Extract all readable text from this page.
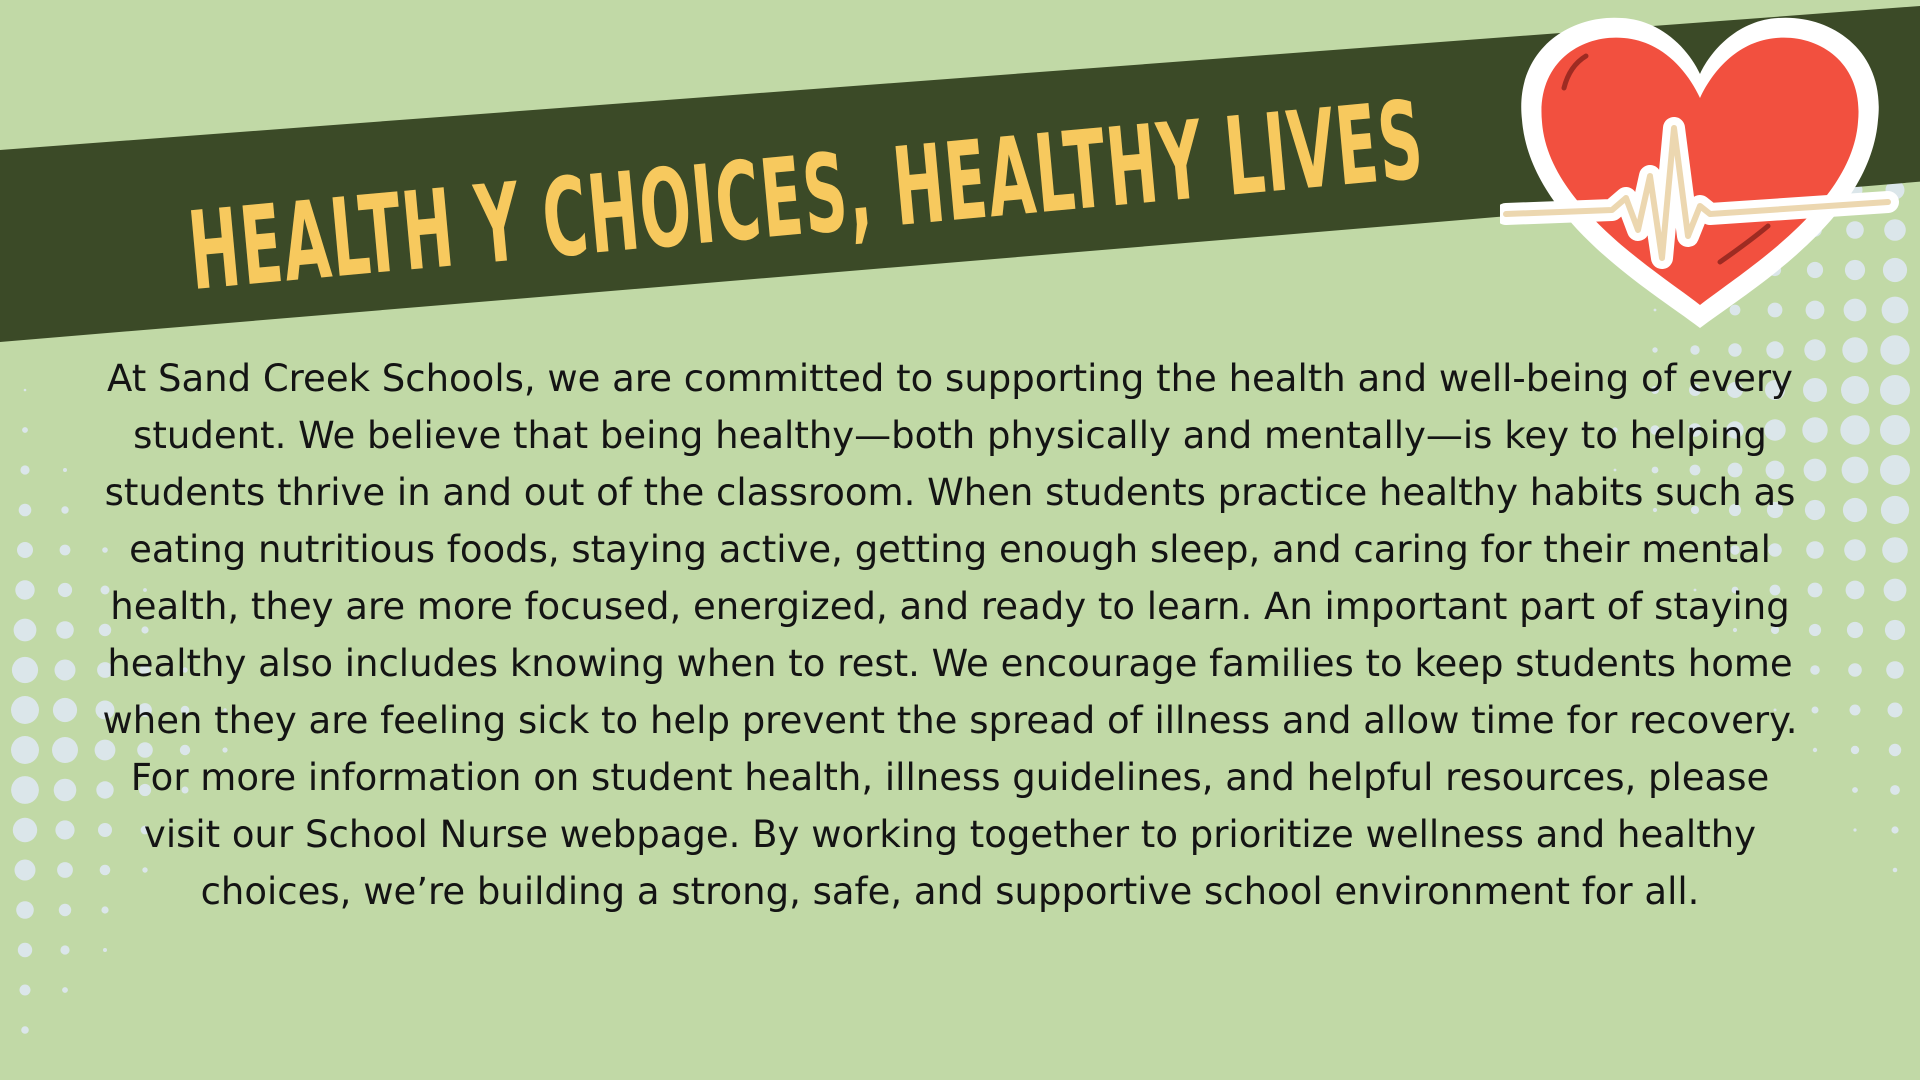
HEALTH Y CHOICES, HEALTHY LIVES

At Sand Creek Schools, we are committed to supporting the health and well-being of every student. We believe that being healthy—both physically and mentally—is key to helping students thrive in and out of the classroom. When students practice healthy habits such as eating nutritious foods, staying active, getting enough sleep, and caring for their mental health, they are more focused, energized, and ready to learn. An important part of staying healthy also includes knowing when to rest. We encourage families to keep students home when they are feeling sick to help prevent the spread of illness and allow time for recovery. For more information on student health, illness guidelines, and helpful resources, please visit our School Nurse webpage. By working together to prioritize wellness and healthy choices, we’re building a strong, safe, and supportive school environment for all.
